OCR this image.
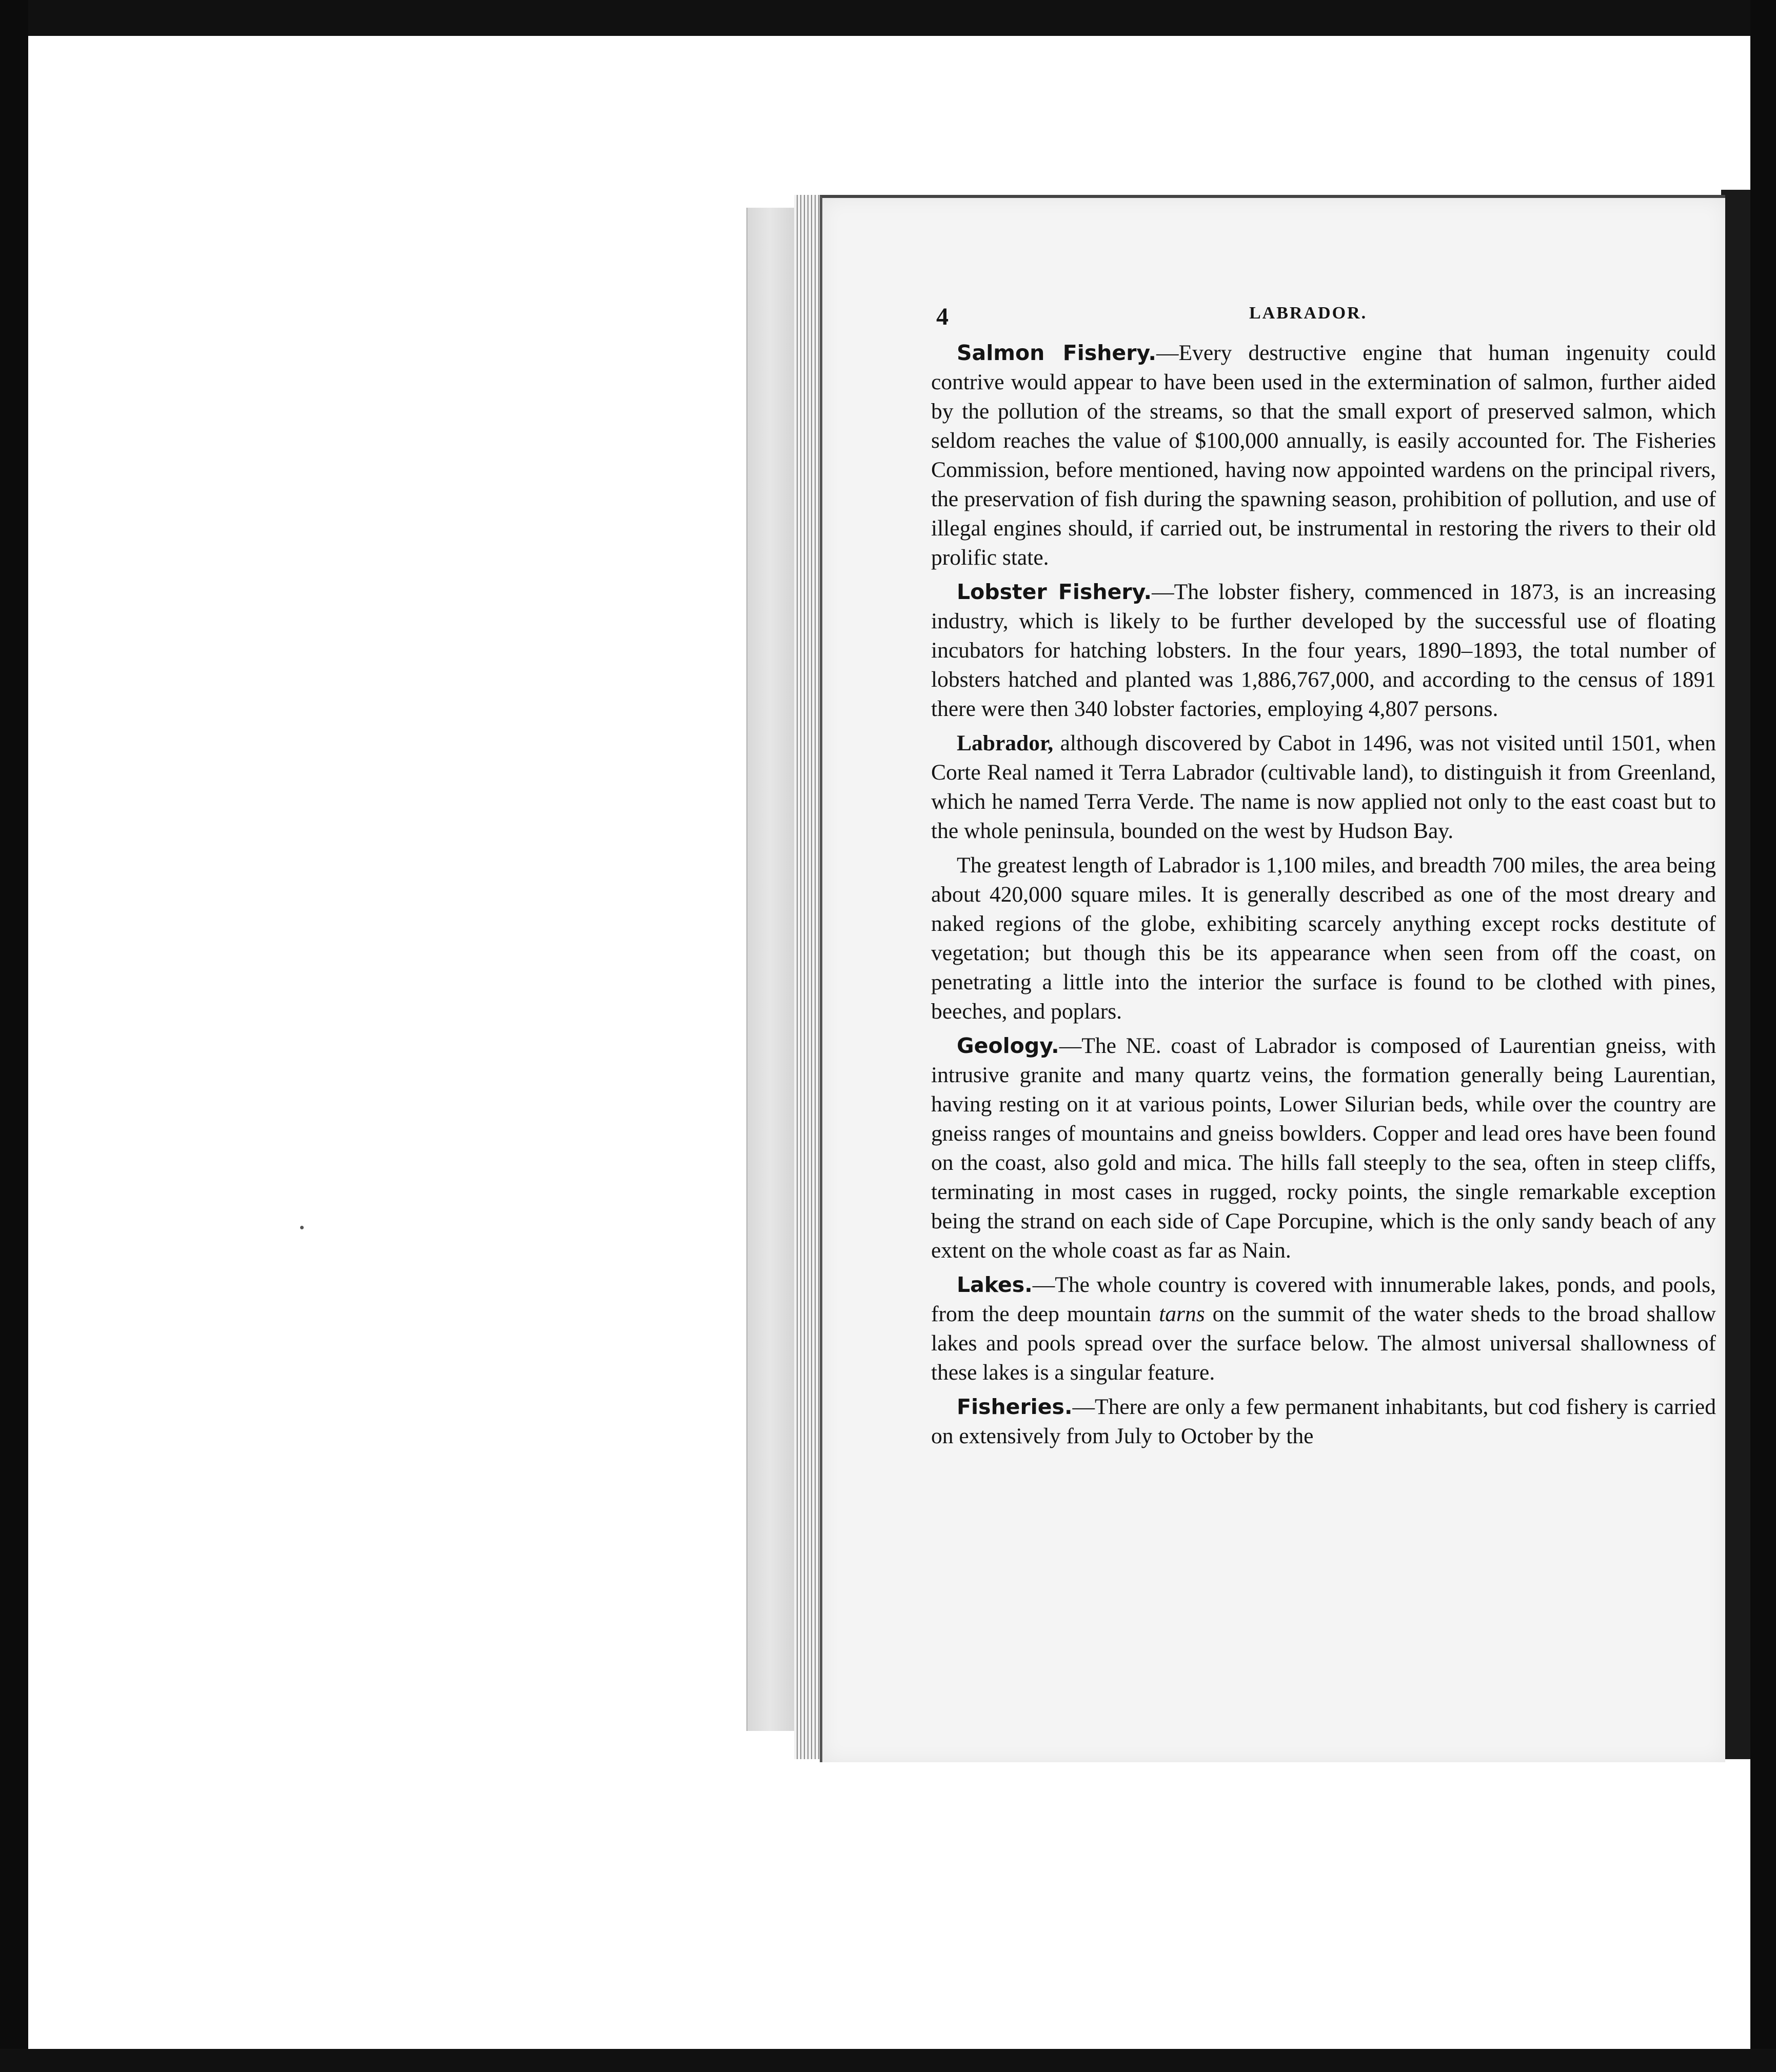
4	LABRADOR.

Salmon Fishery.—Every destructive engine that human ingenuity could contrive would appear to have been used in the extermination of salmon, further aided by the pollution of the streams, so that the small export of preserved salmon, which seldom reaches the value of $100,000 annually, is easily accounted for. The Fisheries Commission, before mentioned, having now appointed wardens on the principal rivers, the preservation of fish during the spawning season, prohibition of pollution, and use of illegal engines should, if carried out, be instrumental in restoring the rivers to their old prolific state.

Lobster Fishery.—The lobster fishery, commenced in 1873, is an increasing industry, which is likely to be further developed by the successful use of floating incubators for hatching lobsters. In the four years, 1890–1893, the total number of lobsters hatched and planted was 1,886,767,000, and according to the census of 1891 there were then 340 lobster factories, employing 4,807 persons.

Labrador, although discovered by Cabot in 1496, was not visited until 1501, when Corte Real named it Terra Labrador (cultivable land), to distinguish it from Greenland, which he named Terra Verde. The name is now applied not only to the east coast but to the whole peninsula, bounded on the west by Hudson Bay.

The greatest length of Labrador is 1,100 miles, and breadth 700 miles, the area being about 420,000 square miles. It is generally described as one of the most dreary and naked regions of the globe, exhibiting scarcely anything except rocks destitute of vegetation; but though this be its appearance when seen from off the coast, on penetrating a little into the interior the surface is found to be clothed with pines, beeches, and poplars.

Geology.—The NE. coast of Labrador is composed of Laurentian gneiss, with intrusive granite and many quartz veins, the formation generally being Laurentian, having resting on it at various points, Lower Silurian beds, while over the country are gneiss ranges of mountains and gneiss bowlders. Copper and lead ores have been found on the coast, also gold and mica. The hills fall steeply to the sea, often in steep cliffs, terminating in most cases in rugged, rocky points, the single remarkable exception being the strand on each side of Cape Porcupine, which is the only sandy beach of any extent on the whole coast as far as Nain.

Lakes.—The whole country is covered with innumerable lakes, ponds, and pools, from the deep mountain tarns on the summit of the water sheds to the broad shallow lakes and pools spread over the surface below. The almost universal shallowness of these lakes is a singular feature.

Fisheries.—There are only a few permanent inhabitants, but cod fishery is carried on extensively from July to October by the
